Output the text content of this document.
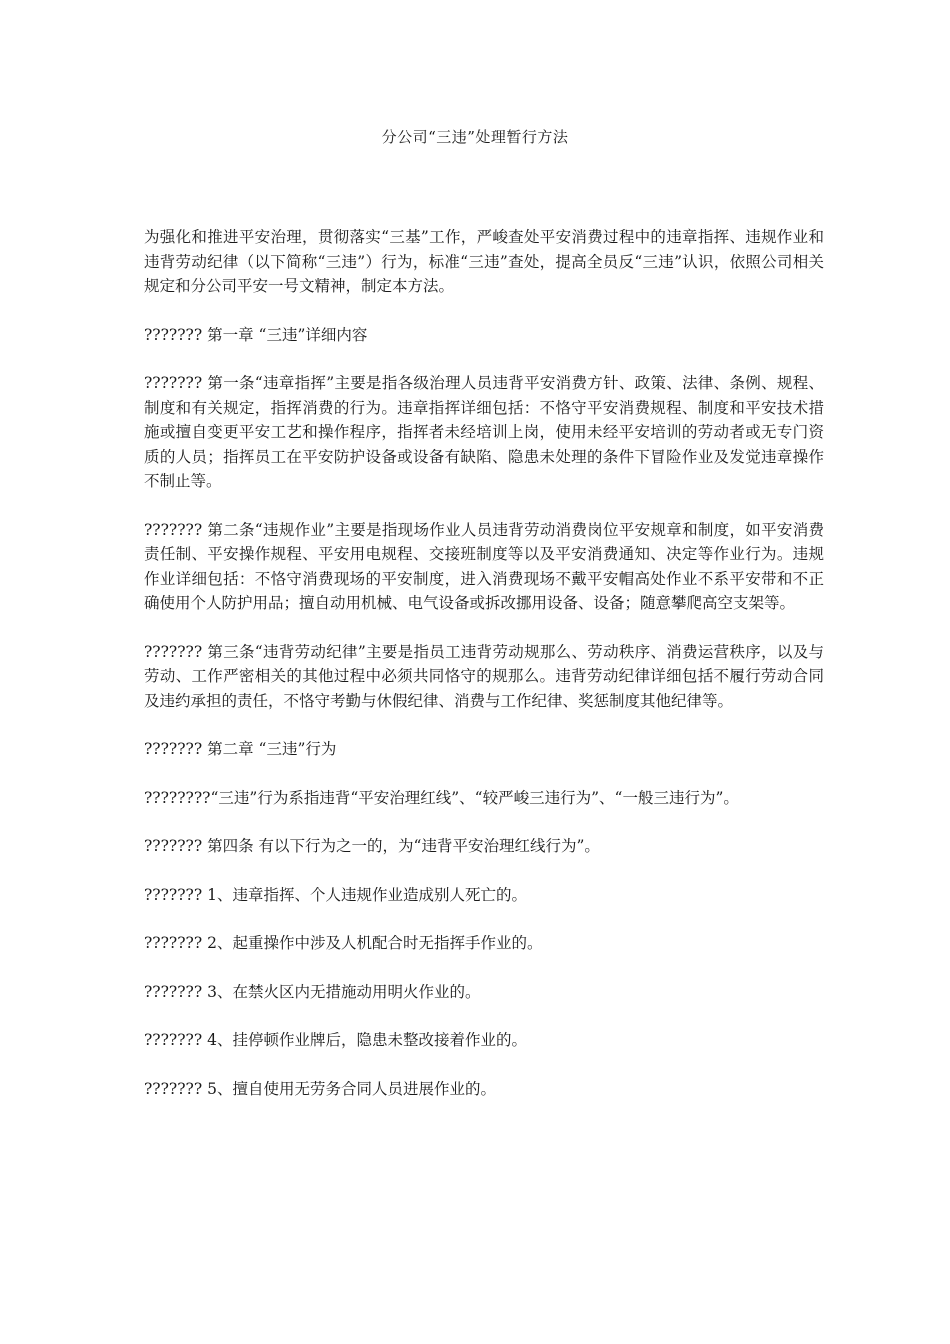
分公司“三违”处理暂行方法

为强化和推进平安治理，贯彻落实“三基”工作，严峻查处平安消费过程中的违章指挥、违规作业和违背劳动纪律（以下简称“三违”）行为，标准“三违”查处，提高全员反“三违”认识，依照公司相关规定和分公司平安一号文精神，制定本方法。

??????? 第一章 “三违”详细内容

??????? 第一条“违章指挥”主要是指各级治理人员违背平安消费方针、政策、法律、条例、规程、制度和有关规定，指挥消费的行为。违章指挥详细包括：不恪守平安消费规程、制度和平安技术措施或擅自变更平安工艺和操作程序，指挥者未经培训上岗，使用未经平安培训的劳动者或无专门资质的人员；指挥员工在平安防护设备或设备有缺陷、隐患未处理的条件下冒险作业及发觉违章操作不制止等。

??????? 第二条“违规作业”主要是指现场作业人员违背劳动消费岗位平安规章和制度，如平安消费责任制、平安操作规程、平安用电规程、交接班制度等以及平安消费通知、决定等作业行为。违规作业详细包括：不恪守消费现场的平安制度，进入消费现场不戴平安帽高处作业不系平安带和不正确使用个人防护用品；擅自动用机械、电气设备或拆改挪用设备、设备；随意攀爬高空支架等。

??????? 第三条“违背劳动纪律”主要是指员工违背劳动规那么、劳动秩序、消费运营秩序，以及与劳动、工作严密相关的其他过程中必须共同恪守的规那么。违背劳动纪律详细包括不履行劳动合同及违约承担的责任，不恪守考勤与休假纪律、消费与工作纪律、奖惩制度其他纪律等。

??????? 第二章 “三违”行为

????????“三违”行为系指违背“平安治理红线”、“较严峻三违行为”、“一般三违行为”。

??????? 第四条 有以下行为之一的，为“违背平安治理红线行为”。

??????? 1、违章指挥、个人违规作业造成别人死亡的。

??????? 2、起重操作中涉及人机配合时无指挥手作业的。

??????? 3、在禁火区内无措施动用明火作业的。

??????? 4、挂停顿作业牌后，隐患未整改接着作业的。

??????? 5、擅自使用无劳务合同人员进展作业的。
